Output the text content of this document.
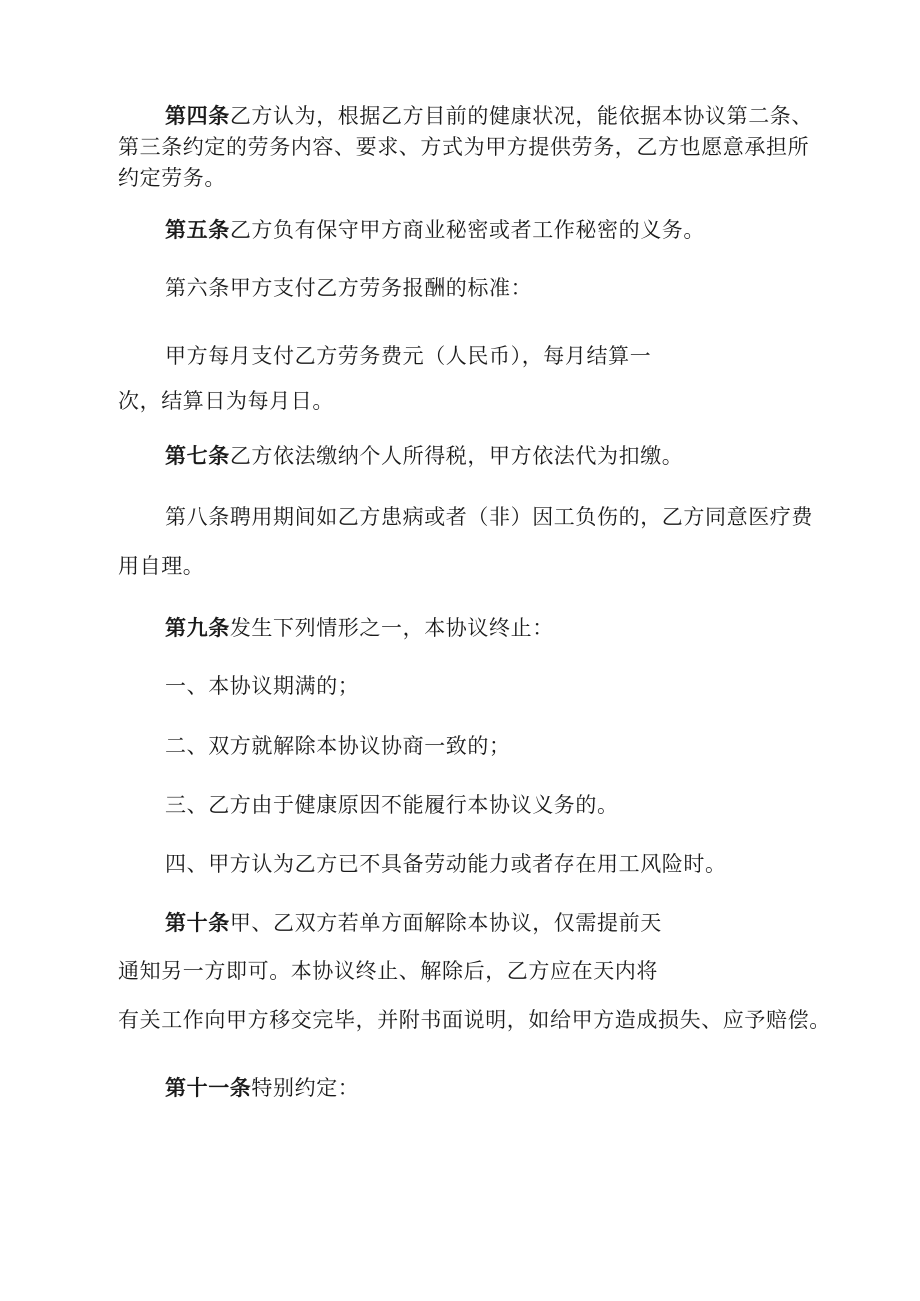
第四条乙方认为，根据乙方目前的健康状况，能依据本协议第二条、
第三条约定的劳务内容、要求、方式为甲方提供劳务，乙方也愿意承担所
约定劳务。
第五条乙方负有保守甲方商业秘密或者工作秘密的义务。
第六条甲方支付乙方劳务报酬的标准：
甲方每月支付乙方劳务费元（人民币），每月结算一
次，结算日为每月日。
第七条乙方依法缴纳个人所得税，甲方依法代为扣缴。
第八条聘用期间如乙方患病或者（非）因工负伤的，乙方同意医疗费
用自理。
第九条发生下列情形之一，本协议终止：
一、本协议期满的；
二、双方就解除本协议协商一致的；
三、乙方由于健康原因不能履行本协议义务的。
四、甲方认为乙方已不具备劳动能力或者存在用工风险时。
第十条甲、乙双方若单方面解除本协议，仅需提前天
通知另一方即可。本协议终止、解除后，乙方应在天内将
有关工作向甲方移交完毕，并附书面说明，如给甲方造成损失、应予赔偿。
第十一条特别约定：
